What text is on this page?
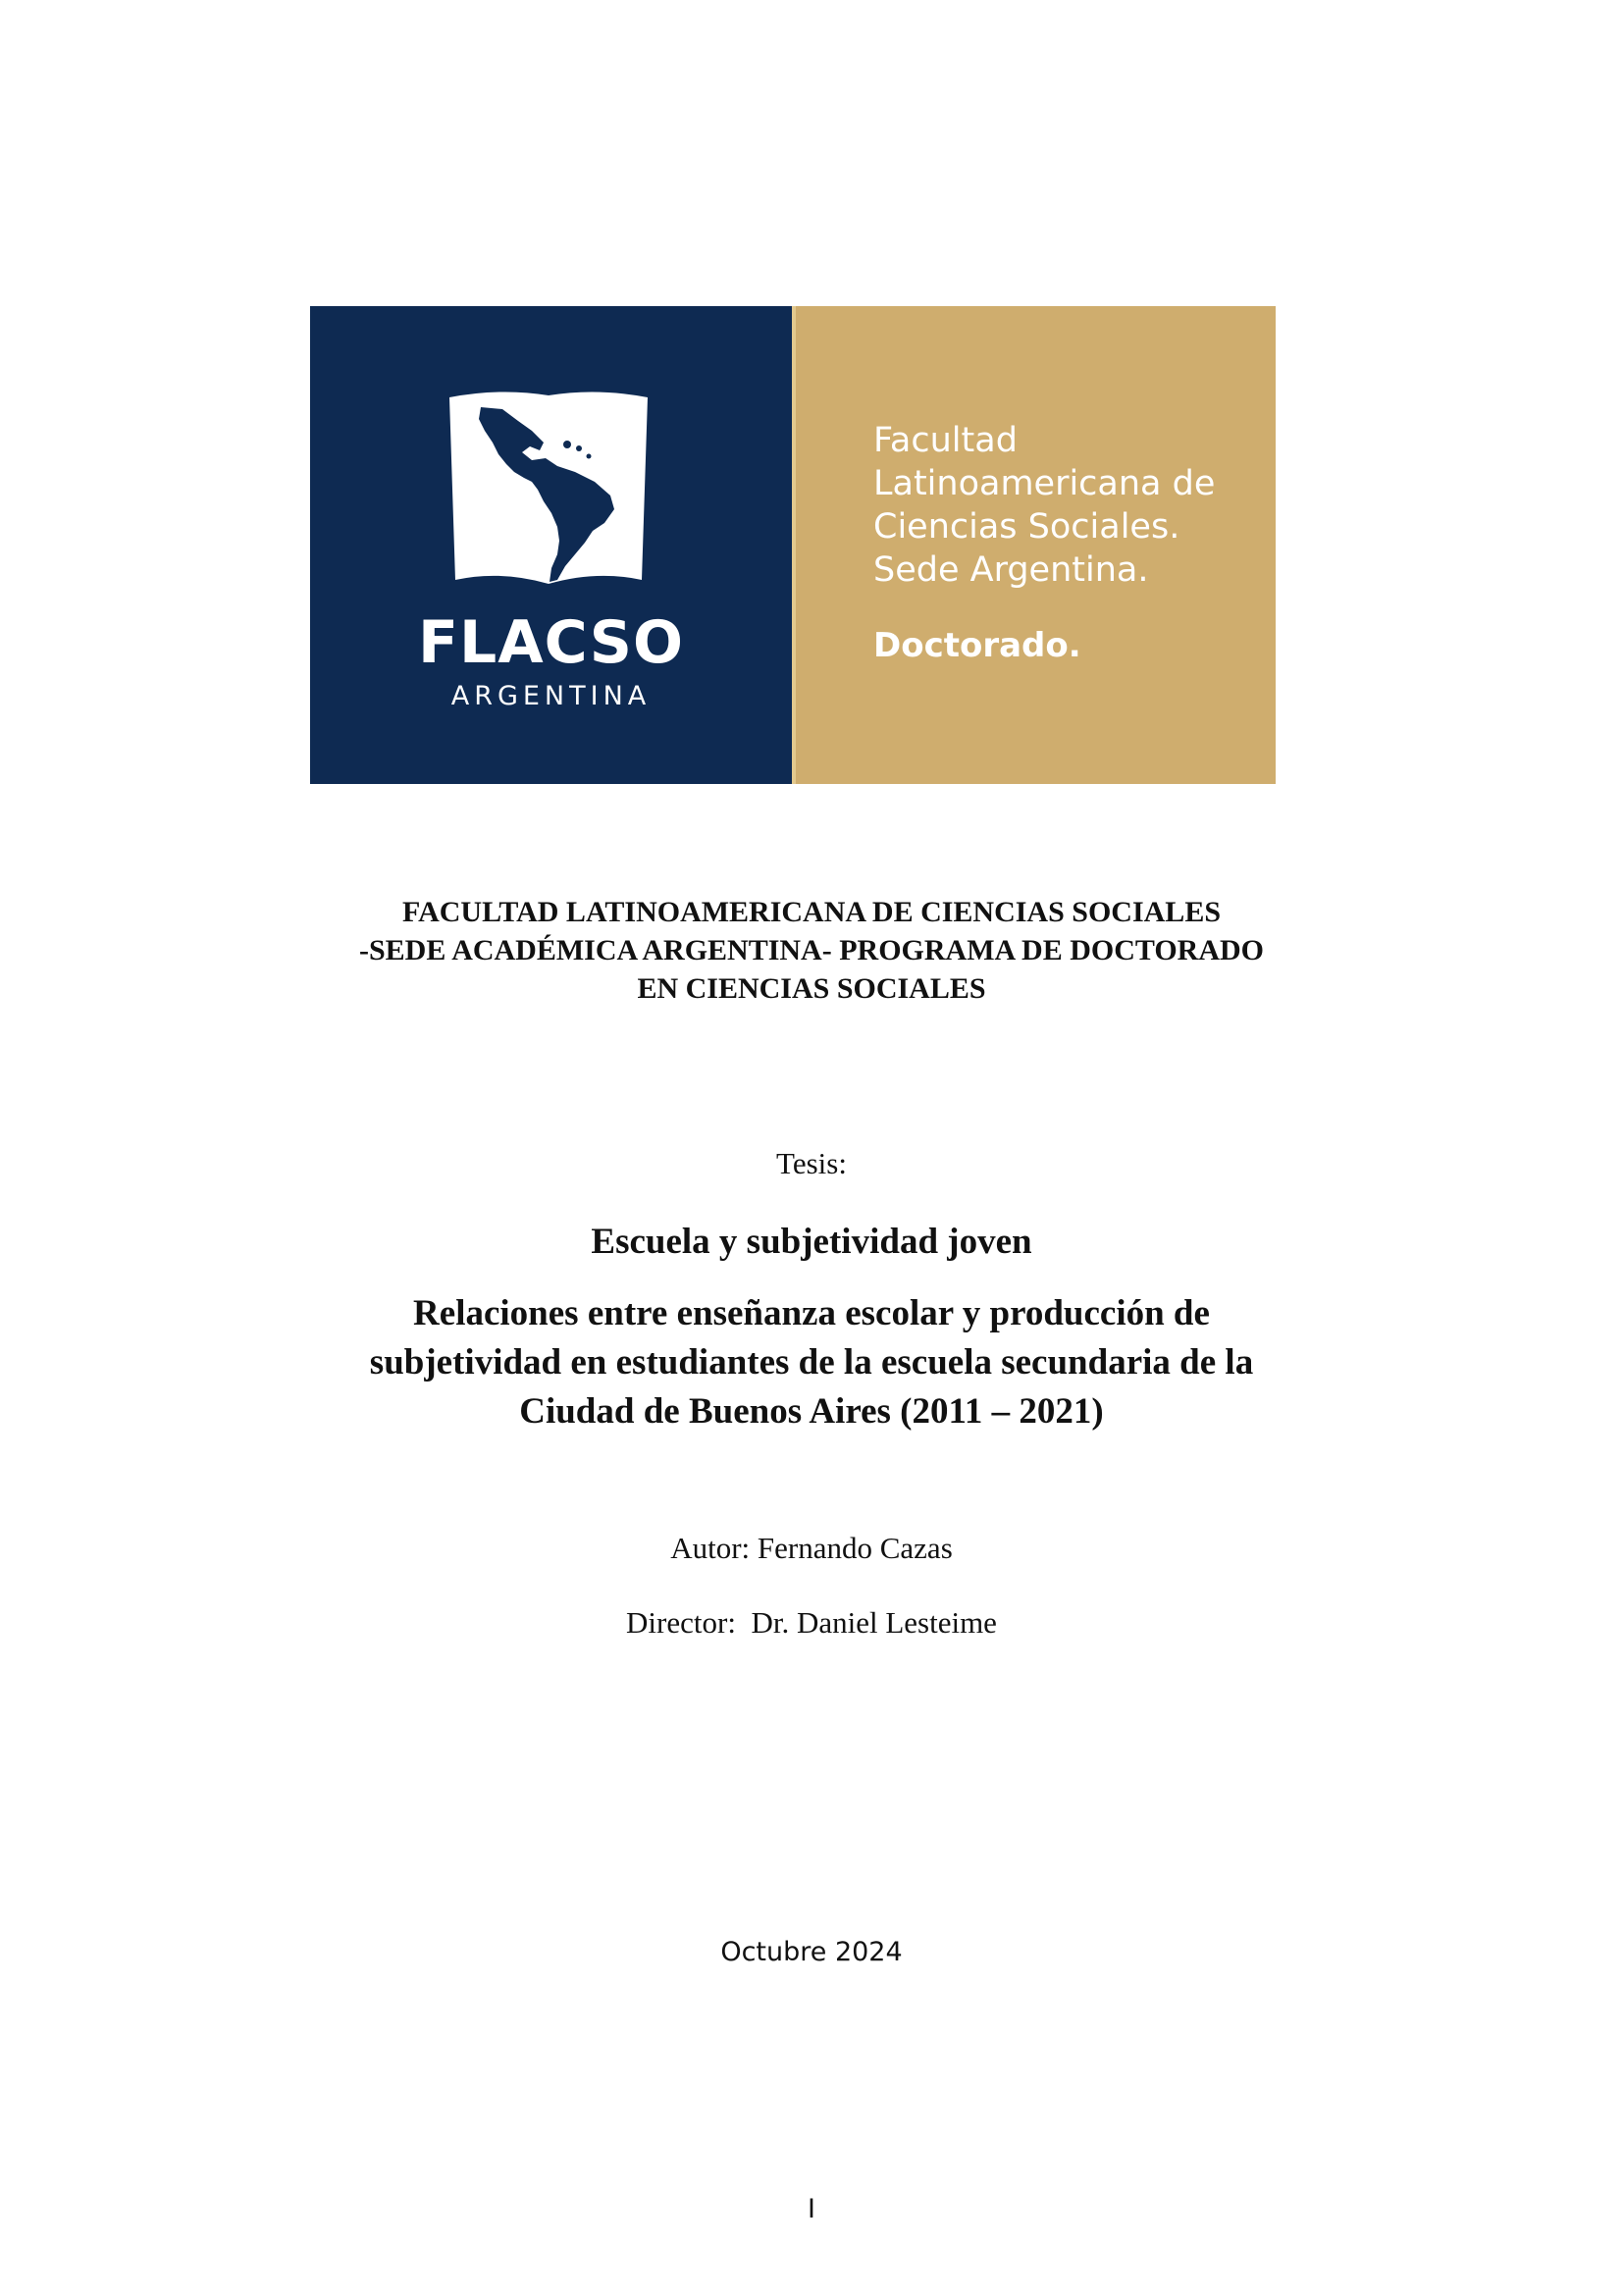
FLACSO
ARGENTINA
Facultad
Latinoamericana de
Ciencias Sociales.
Sede Argentina.
Doctorado.
FACULTAD LATINOAMERICANA DE CIENCIAS SOCIALES
-SEDE ACADÉMICA ARGENTINA- PROGRAMA DE DOCTORADO
EN CIENCIAS SOCIALES
Tesis:
Escuela y subjetividad joven
Relaciones entre enseñanza escolar y producción de
subjetividad en estudiantes de la escuela secundaria de la
Ciudad de Buenos Aires (2011 – 2021)
Autor: Fernando Cazas
Director:  Dr. Daniel Lesteime
Octubre 2024
I
